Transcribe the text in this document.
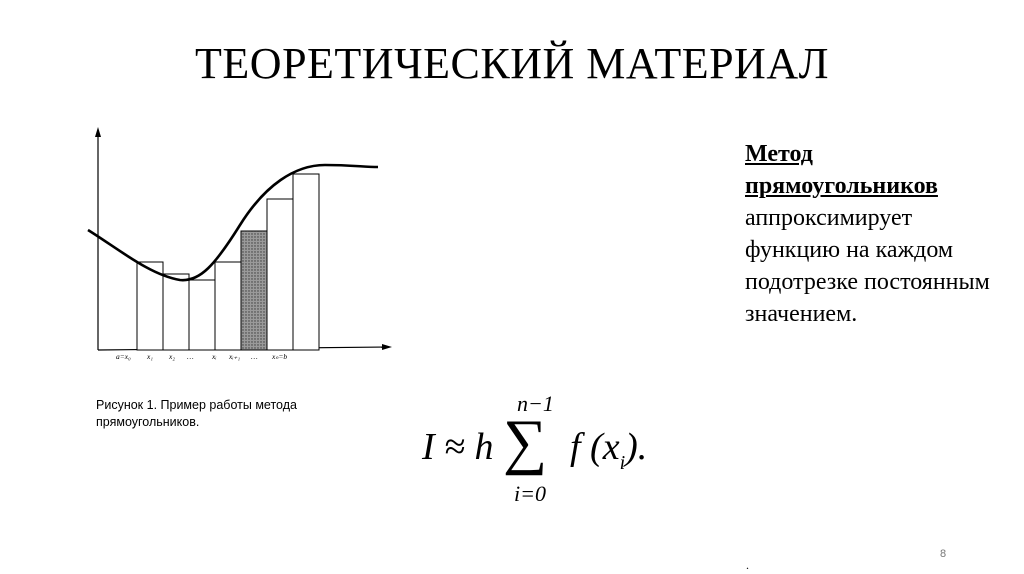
ТЕОРЕТИЧЕСКИЙ МАТЕРИАЛ
a=x₀ x₁ x₂ … xᵢ xᵢ₊₁ … xₙ=b
Рисунок 1. Пример работы метода прямоугольников.
Метод прямоугольников
аппроксимирует функцию на каждом подотрезке постоянным значением.
I ≈ h
n−1
∑
i=0
f $(x_i)$.
8
.
